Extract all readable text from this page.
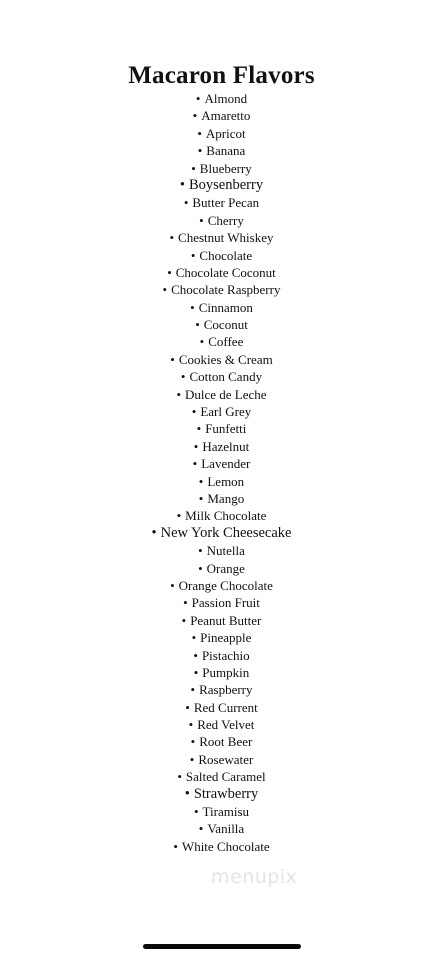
Macaron Flavors
• Almond
• Amaretto
• Apricot
• Banana
• Blueberry
• Boysenberry
• Butter Pecan
• Cherry
• Chestnut Whiskey
• Chocolate
• Chocolate Coconut
• Chocolate Raspberry
• Cinnamon
• Coconut
• Coffee
• Cookies & Cream
• Cotton Candy
• Dulce de Leche
• Earl Grey
• Funfetti
• Hazelnut
• Lavender
• Lemon
• Mango
• Milk Chocolate
• New York Cheesecake
• Nutella
• Orange
• Orange Chocolate
• Passion Fruit
• Peanut Butter
• Pineapple
• Pistachio
• Pumpkin
• Raspberry
• Red Current
• Red Velvet
• Root Beer
• Rosewater
• Salted Caramel
• Strawberry
• Tiramisu
• Vanilla
• White Chocolate
menupix
